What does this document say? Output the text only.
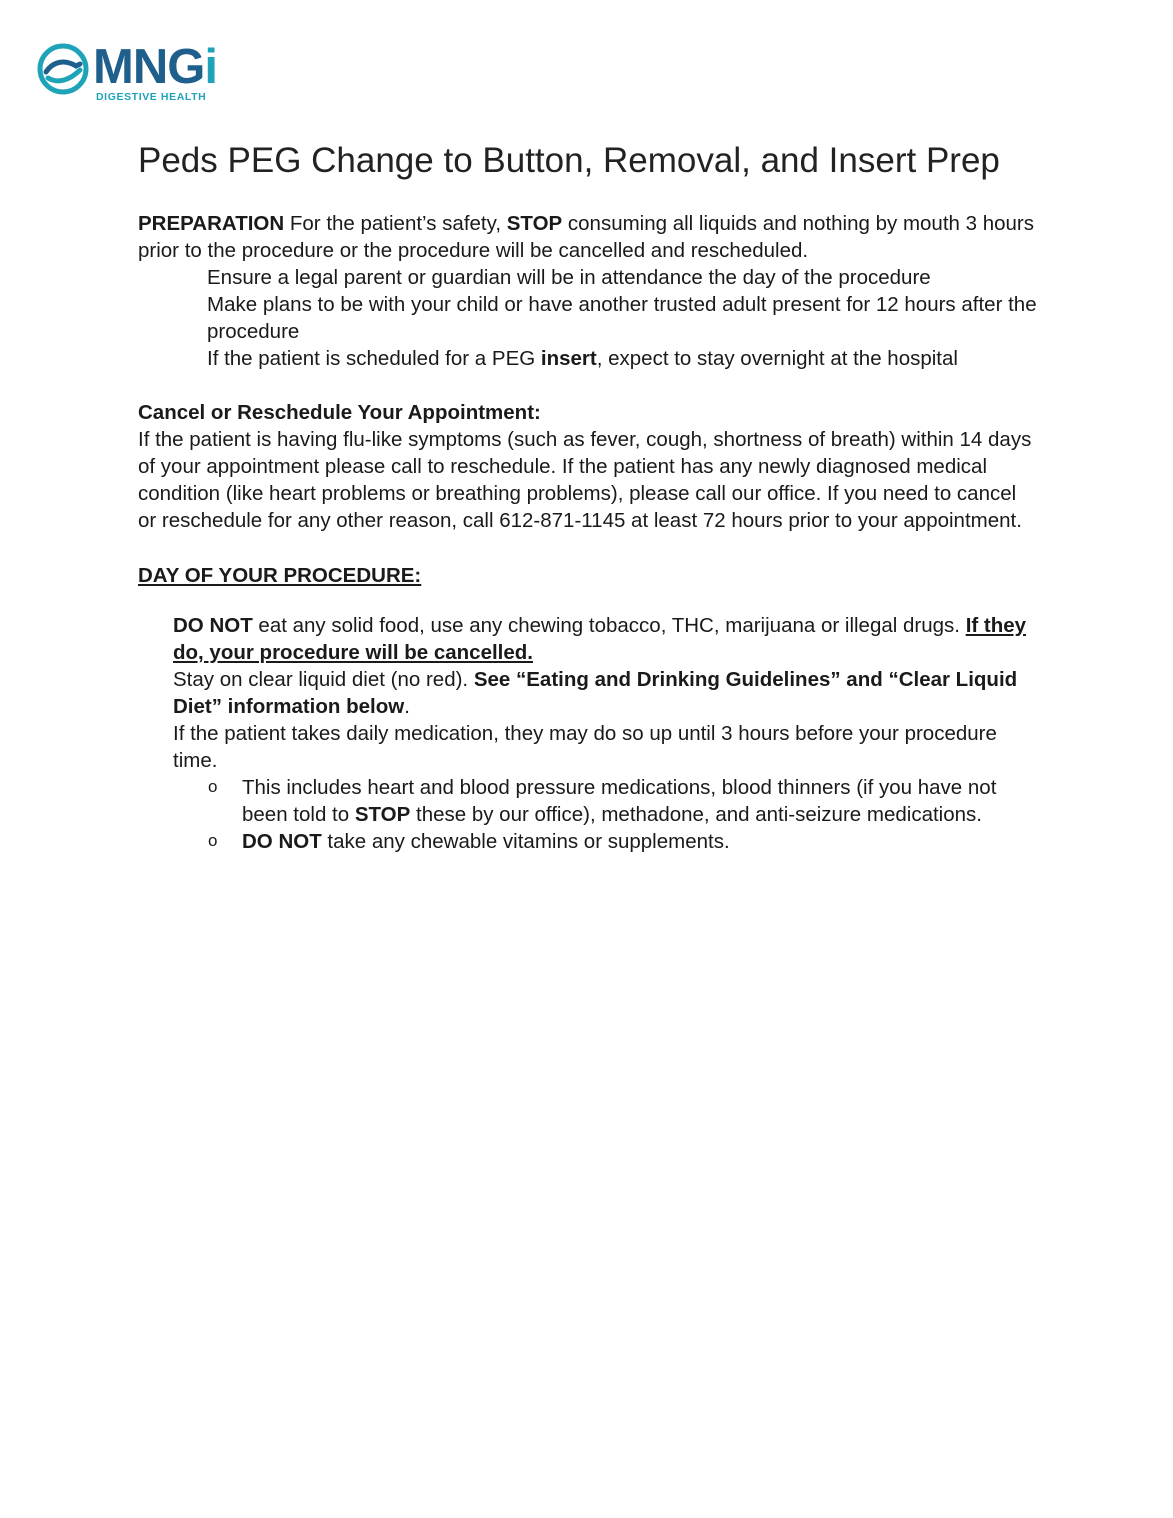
MNGi
DIGESTIVE HEALTH
Peds PEG Change to Button, Removal, and Insert Prep

PREPARATION For the patient’s safety, STOP consuming all liquids and nothing by mouth 3 hours prior to the procedure or the procedure will be cancelled and rescheduled.

Ensure a legal parent or guardian will be in attendance the day of the procedure
Make plans to be with your child or have another trusted adult present for 12 hours after the procedure
If the patient is scheduled for a PEG insert, expect to stay overnight at the hospital

Cancel or Reschedule Your Appointment:

If the patient is having flu-like symptoms (such as fever, cough, shortness of breath) within 14 days of your appointment please call to reschedule. If the patient has any newly diagnosed medical condition (like heart problems or breathing problems), please call our office. If you need to cancel or reschedule for any other reason, call 612-871-1145 at least 72 hours prior to your appointment.

DAY OF YOUR PROCEDURE:

DO NOT eat any solid food, use any chewing tobacco, THC, marijuana or illegal drugs. If they do, your procedure will be cancelled.
Stay on clear liquid diet (no red). See “Eating and Drinking Guidelines” and “Clear Liquid Diet” information below.
If the patient takes daily medication, they may do so up until 3 hours before your procedure time.
o This includes heart and blood pressure medications, blood thinners (if you have not been told to STOP these by our office), methadone, and anti-seizure medications.
o DO NOT take any chewable vitamins or supplements.
